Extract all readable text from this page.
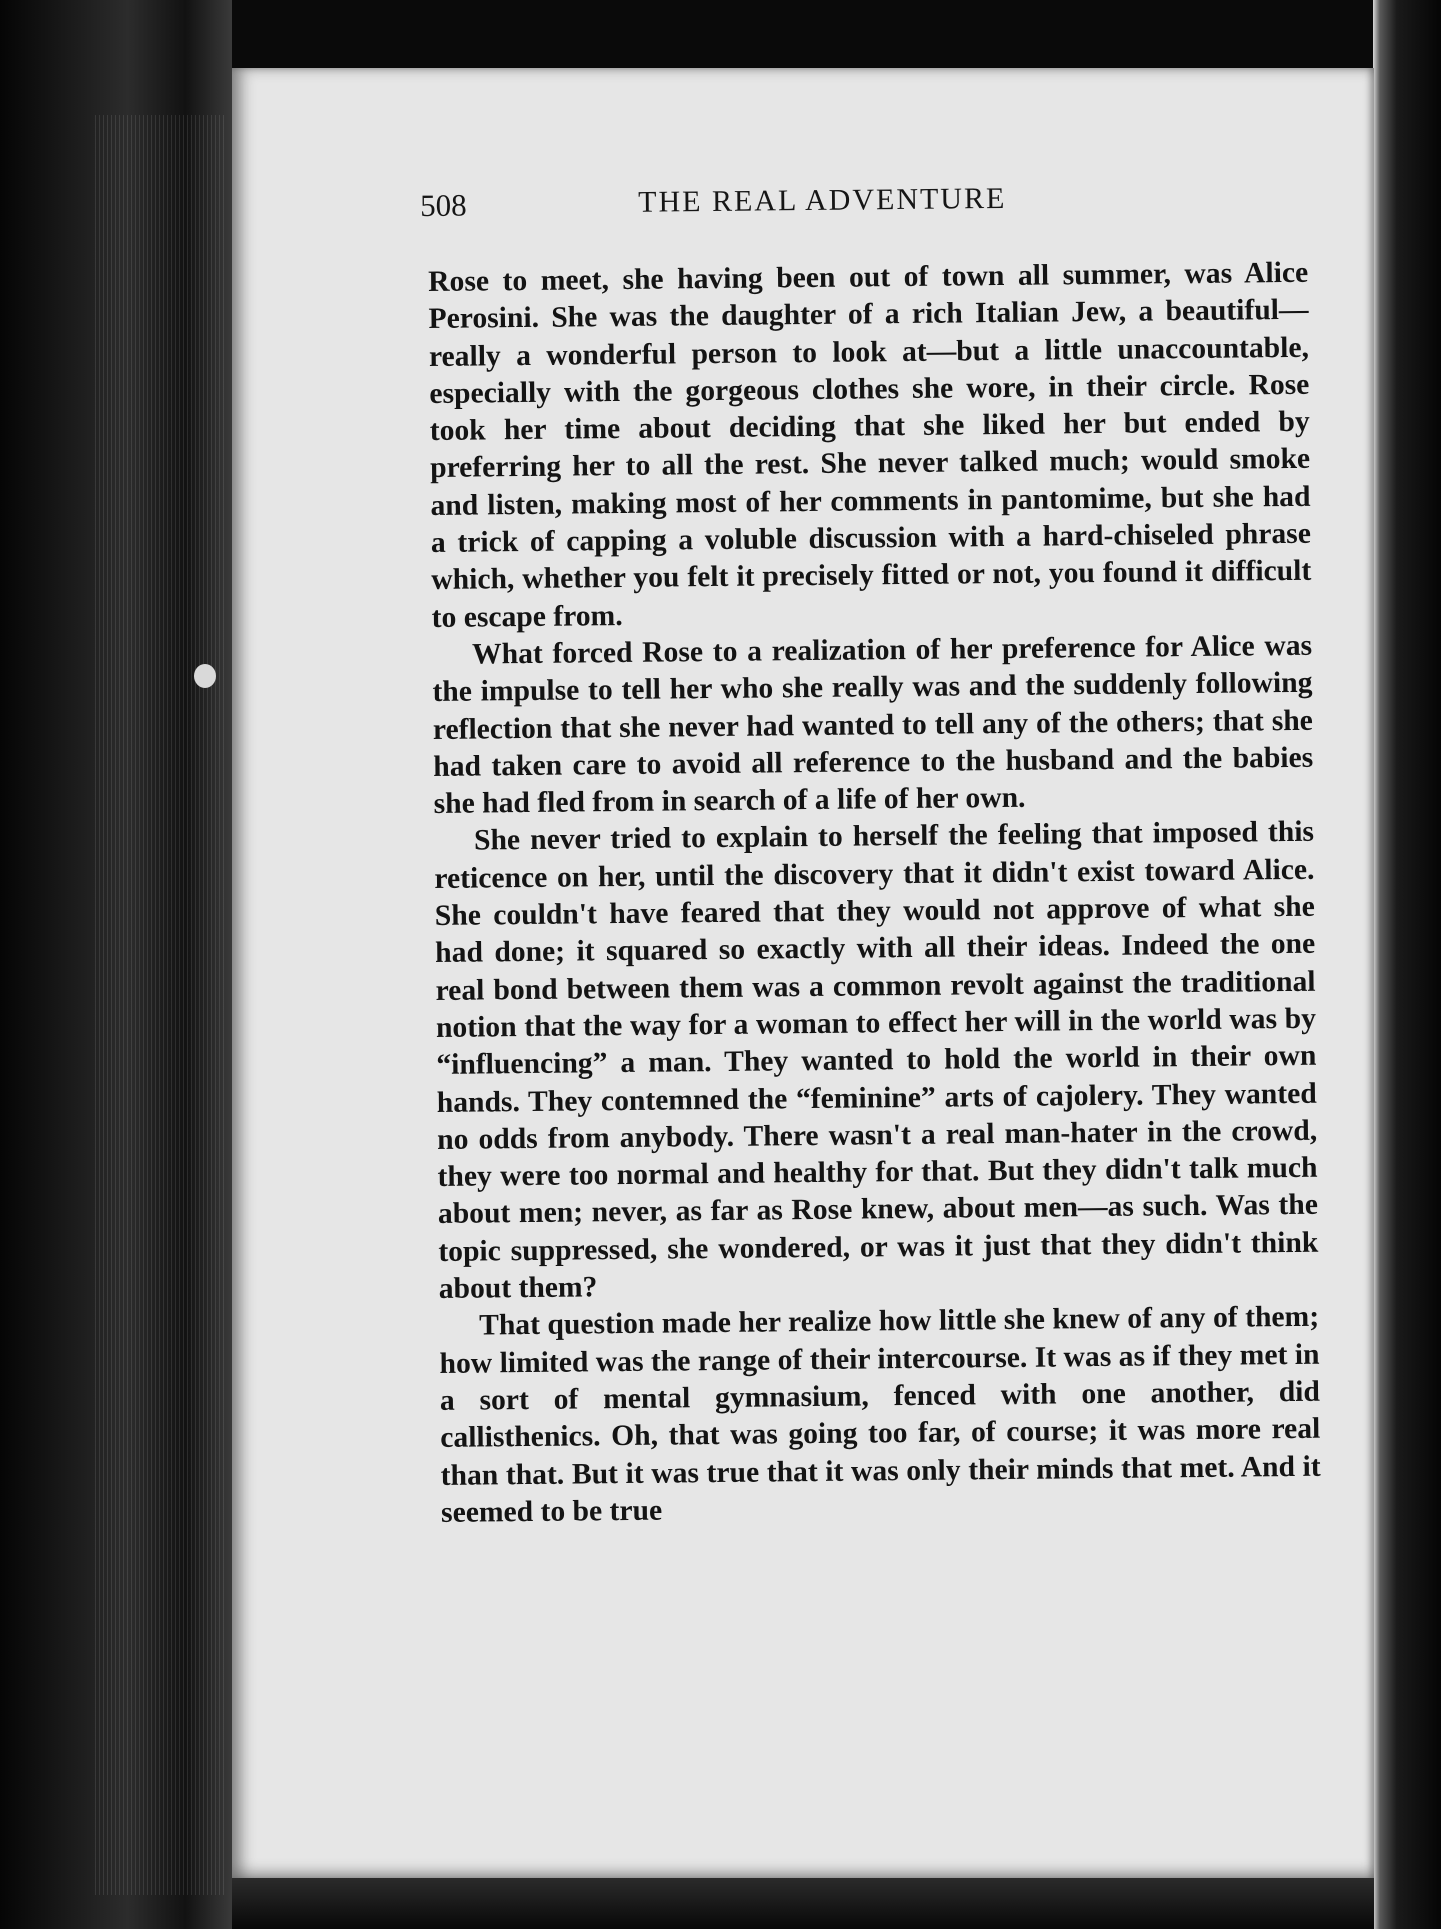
508	THE REAL ADVENTURE

Rose to meet, she having been out of town all summer, was Alice Perosini. She was the daughter of a rich Italian Jew, a beautiful—really a wonderful person to look at—but a little unaccountable, especially with the gorgeous clothes she wore, in their circle. Rose took her time about deciding that she liked her but ended by preferring her to all the rest. She never talked much; would smoke and listen, making most of her comments in pantomime, but she had a trick of capping a voluble discussion with a hard-chiseled phrase which, whether you felt it precisely fitted or not, you found it difficult to escape from.

What forced Rose to a realization of her preference for Alice was the impulse to tell her who she really was and the suddenly following reflection that she never had wanted to tell any of the others; that she had taken care to avoid all reference to the husband and the babies she had fled from in search of a life of her own.

She never tried to explain to herself the feeling that imposed this reticence on her, until the discovery that it didn't exist toward Alice. She couldn't have feared that they would not approve of what she had done; it squared so exactly with all their ideas. Indeed the one real bond between them was a common revolt against the traditional notion that the way for a woman to effect her will in the world was by “influencing” a man. They wanted to hold the world in their own hands. They contemned the “feminine” arts of cajolery. They wanted no odds from anybody. There wasn't a real man-hater in the crowd, they were too normal and healthy for that. But they didn't talk much about men; never, as far as Rose knew, about men—as such. Was the topic suppressed, she wondered, or was it just that they didn't think about them?

That question made her realize how little she knew of any of them; how limited was the range of their intercourse. It was as if they met in a sort of mental gymnasium, fenced with one another, did callisthenics. Oh, that was going too far, of course; it was more real than that. But it was true that it was only their minds that met. And it seemed to be true
